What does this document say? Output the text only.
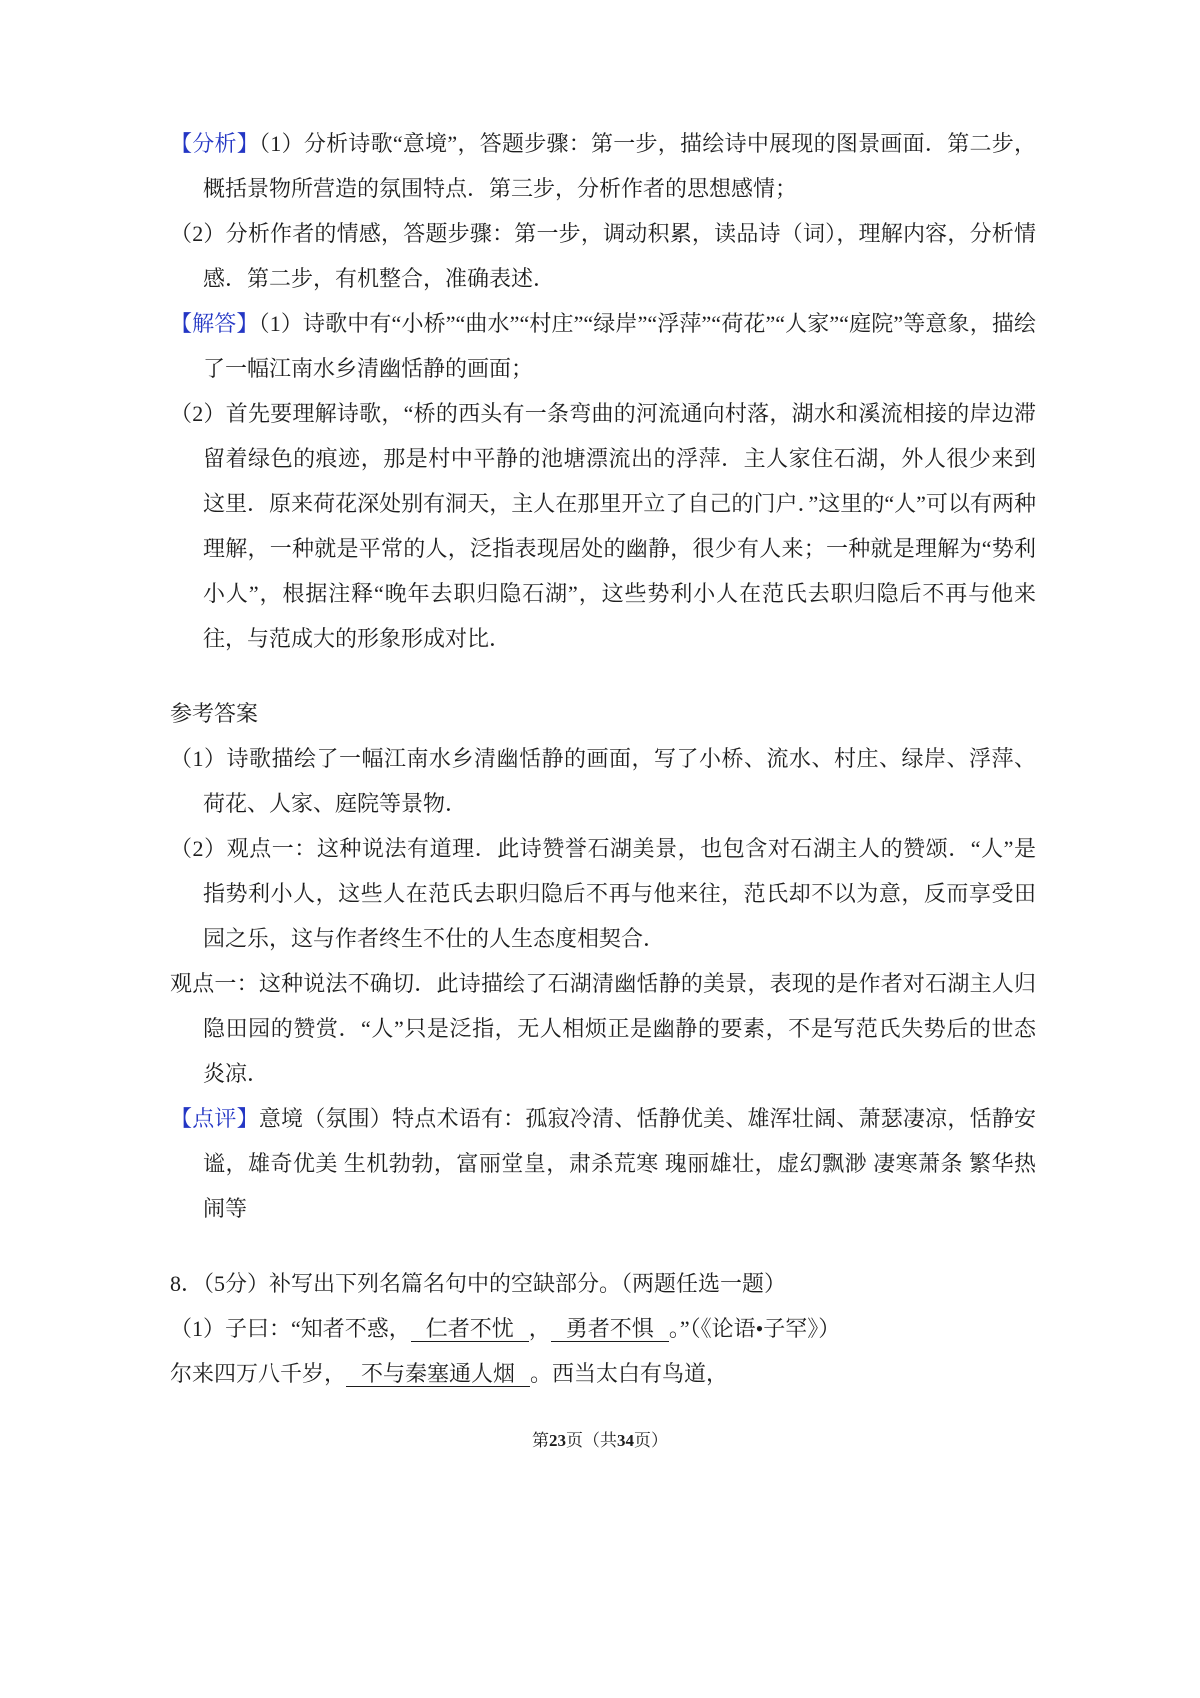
【分析】（1）分析诗歌“意境”，答题步骤：第一步，描绘诗中展现的图景画面．第二步，概括景物所营造的氛围特点．第三步，分析作者的思想感情；

（2）分析作者的情感，答题步骤：第一步，调动积累，读品诗（词），理解内容，分析情感．第二步，有机整合，准确表述．

【解答】（1）诗歌中有“小桥”“曲水”“村庄”“绿岸”“浮萍”“荷花”“人家”“庭院”等意象，描绘了一幅江南水乡清幽恬静的画面；

（2）首先要理解诗歌，“桥的西头有一条弯曲的河流通向村落，湖水和溪流相接的岸边滞留着绿色的痕迹，那是村中平静的池塘漂流出的浮萍．主人家住石湖，外人很少来到这里．原来荷花深处别有洞天，主人在那里开立了自己的门户．”这里的“人”可以有两种理解，一种就是平常的人，泛指表现居处的幽静，很少有人来；一种就是理解为“势利小人”，根据注释“晚年去职归隐石湖”，这些势利小人在范氏去职归隐后不再与他来往，与范成大的形象形成对比．

参考答案

（1）诗歌描绘了一幅江南水乡清幽恬静的画面，写了小桥、流水、村庄、绿岸、浮萍、荷花、人家、庭院等景物．

（2）观点一：这种说法有道理．此诗赞誉石湖美景，也包含对石湖主人的赞颂．“人”是指势利小人，这些人在范氏去职归隐后不再与他来往，范氏却不以为意，反而享受田园之乐，这与作者终生不仕的人生态度相契合．

观点一：这种说法不确切．此诗描绘了石湖清幽恬静的美景，表现的是作者对石湖主人归隐田园的赞赏．“人”只是泛指，无人相烦正是幽静的要素，不是写范氏失势后的世态炎凉．

【点评】意境（氛围）特点术语有：孤寂冷清、恬静优美、雄浑壮阔、萧瑟凄凉，恬静安谧，雄奇优美 生机勃勃，富丽堂皇，肃杀荒寒 瑰丽雄壮，虚幻飘渺 凄寒萧条 繁华热闹等

8．（5分）补写出下列名篇名句中的空缺部分。（两题任选一题）

（1）子曰：“知者不惑， 仁者不忧 ， 勇者不惧 。”（《论语•子罕》）

尔来四万八千岁， 不与秦塞通人烟 。西当太白有鸟道，

第23页（共34页）
